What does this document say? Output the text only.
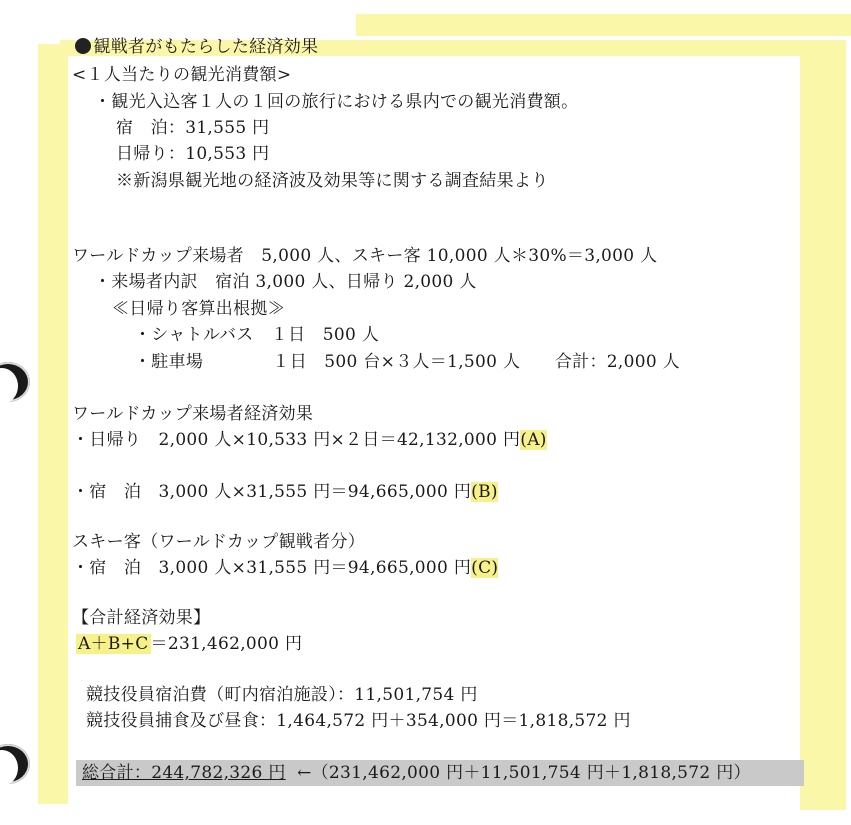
観戦者がもたらした経済効果

<１人当たりの観光消費額>
・観光入込客１人の１回の旅行における県内での観光消費額。
宿　泊：31,555 円
日帰り：10,553 円
※新潟県観光地の経済波及効果等に関する調査結果より
ワールドカップ来場者　5,000 人、スキー客 10,000 人＊30%＝3,000 人
・来場者内訳　宿泊 3,000 人、日帰り 2,000 人
≪日帰り客算出根拠≫
・シャトルバス　１日　500 人
・駐車場　　　　１日　500 台×３人＝1,500 人　　合計：2,000 人
ワールドカップ来場者経済効果
・日帰り　2,000 人×10,533 円×２日＝42,132,000 円(A)
・宿　泊　3,000 人×31,555 円＝94,665,000 円(B)
スキー客（ワールドカップ観戦者分）
・宿　泊　3,000 人×31,555 円＝94,665,000 円(C)
【合計経済効果】
A＋B+C ＝231,462,000 円
競技役員宿泊費（町内宿泊施設）：11,501,754 円
競技役員捕食及び昼食：1,464,572 円＋354,000 円＝1,818,572 円
総合計：244,782,326 円 ←（231,462,000 円＋11,501,754 円＋1,818,572 円）
